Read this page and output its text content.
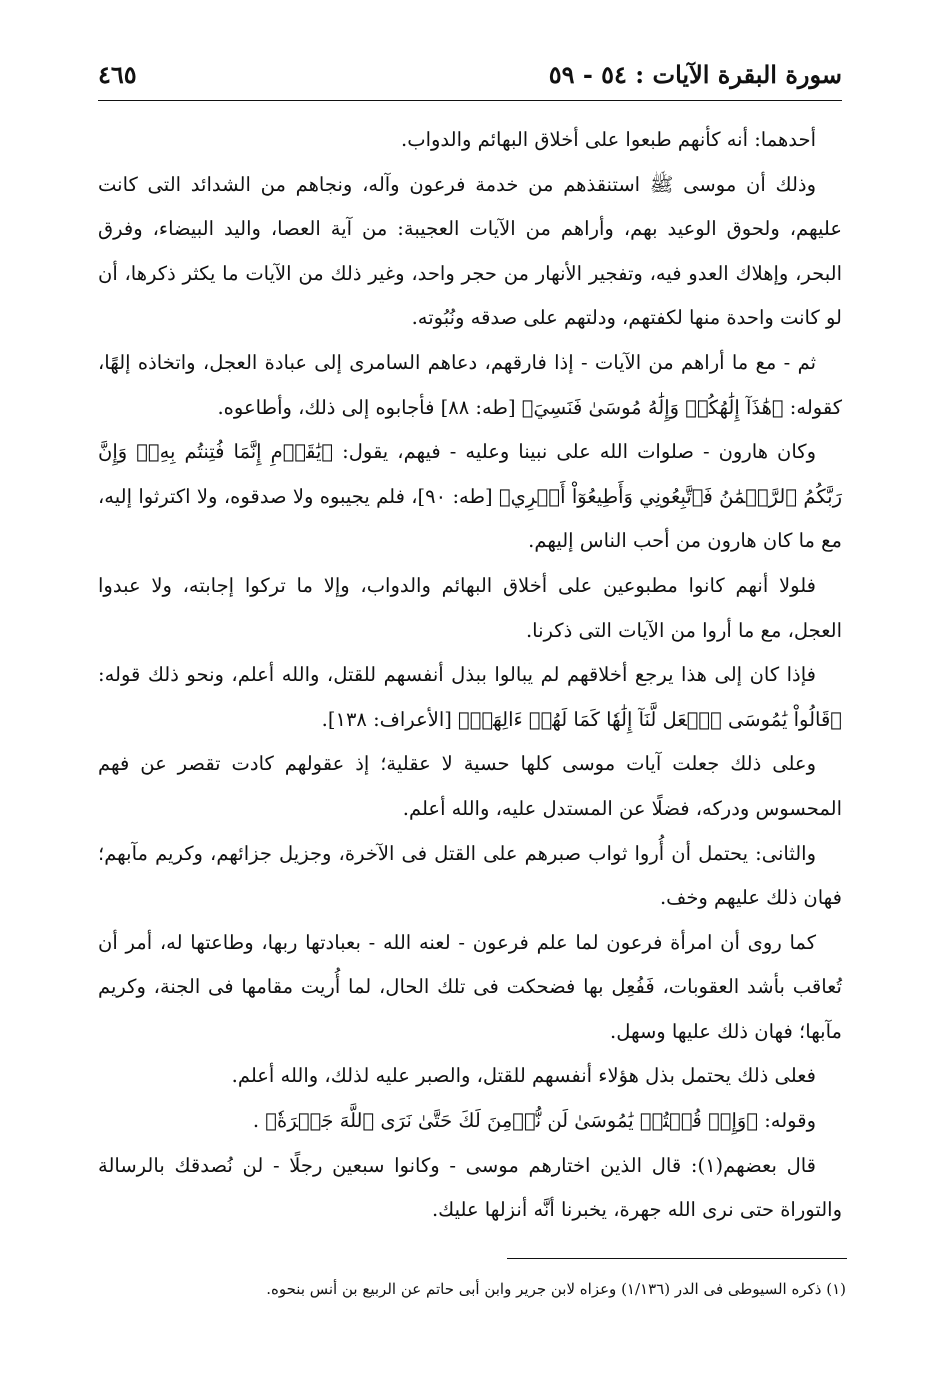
سورة البقرة الآيات : ٥٤ - ٥٩
٤٦٥

أحدهما: أنه كأنهم طبعوا على أخلاق البهائم والدواب.

وذلك أن موسى ﷺ استنقذهم من خدمة فرعون وآله، ونجاهم من الشدائد التى كانت عليهم، ولحوق الوعيد بهم، وأراهم من الآيات العجيبة: من آية العصا، واليد البيضاء، وفرق البحر، وإهلاك العدو فيه، وتفجير الأنهار من حجر واحد، وغير ذلك من الآيات ما يكثر ذكرها، أن لو كانت واحدة منها لكفتهم، ودلتهم على صدقه ونُبُوته.

ثم - مع ما أراهم من الآيات - إذا فارقهم، دعاهم السامرى إلى عبادة العجل، واتخاذه إلهًا، كقوله: ﴿هَٰذَآ إِلَٰهُكُمۡ وَإِلَٰهُ مُوسَىٰ فَنَسِيَ﴾ [طه: ٨٨] فأجابوه إلى ذلك، وأطاعوه.

وكان هارون - صلوات الله على نبينا وعليه - فيهم، يقول: ﴿يَٰقَوۡمِ إِنَّمَا فُتِنتُم بِهِۦۖ وَإِنَّ رَبَّكُمُ ٱلرَّحۡمَٰنُ فَٱتَّبِعُونِي وَأَطِيعُوٓاْ أَمۡرِي﴾ [طه: ٩٠]، فلم يجيبوه ولا صدقوه، ولا اكترثوا إليه، مع ما كان هارون من أحب الناس إليهم.

فلولا أنهم كانوا مطبوعين على أخلاق البهائم والدواب، وإلا ما تركوا إجابته، ولا عبدوا العجل، مع ما أروا من الآيات التى ذكرنا.

فإذا كان إلى هذا يرجع أخلاقهم لم يبالوا ببذل أنفسهم للقتل، والله أعلم، ونحو ذلك قوله: ﴿قَالُواْ يَٰمُوسَى ٱجۡعَل لَّنَآ إِلَٰهٗا كَمَا لَهُمۡ ءَالِهَةٞ﴾ [الأعراف: ١٣٨].

وعلى ذلك جعلت آيات موسى كلها حسية لا عقلية؛ إذ عقولهم كادت تقصر عن فهم المحسوس ودركه، فضلًا عن المستدل عليه، والله أعلم.

والثانى: يحتمل أن أُروا ثواب صبرهم على القتل فى الآخرة، وجزيل جزائهم، وكريم مآبهم؛ فهان ذلك عليهم وخف.

كما روى أن امرأة فرعون لما علم فرعون - لعنه الله - بعبادتها ربها، وطاعتها له، أمر أن تُعاقب بأشد العقوبات، فَفُعِل بها فضحكت فى تلك الحال، لما أُريت مقامها فى الجنة، وكريم مآبها؛ فهان ذلك عليها وسهل.

فعلى ذلك يحتمل بذل هؤلاء أنفسهم للقتل، والصبر عليه لذلك، والله أعلم.

وقوله: ﴿وَإِذۡ قُلۡتُمۡ يَٰمُوسَىٰ لَن نُّؤۡمِنَ لَكَ حَتَّىٰ نَرَى ٱللَّهَ جَهۡرَةٗ﴾ .

قال بعضهم(١): قال الذين اختارهم موسى - وكانوا سبعين رجلًا - لن نُصدقك بالرسالة والتوراة حتى نرى الله جهرة، يخبرنا أنَّه أنزلها عليك.

(١) ذكره السيوطى فى الدر (١/١٣٦) وعزاه لابن جرير وابن أبى حاتم عن الربيع بن أنس بنحوه.
